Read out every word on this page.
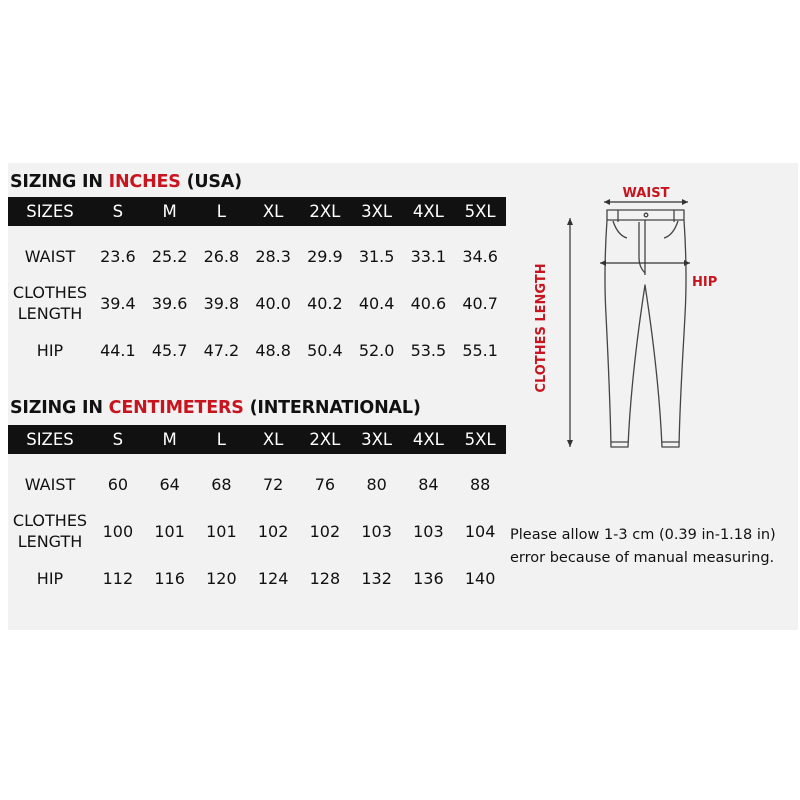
SIZING IN INCHES (USA)
SIZES	S	M	L	XL	2XL	3XL	4XL	5XL
WAIST	23.6	25.2	26.8	28.3	29.9	31.5	33.1	34.6
CLOTHES
LENGTH
39.4	39.6	39.8	40.0	40.2	40.4	40.6	40.7
HIP	44.1	45.7	47.2	48.8	50.4	52.0	53.5	55.1
SIZING IN CENTIMETERS (INTERNATIONAL)
SIZES	S	M	L	XL	2XL	3XL	4XL	5XL
WAIST	60	64	68	72	76	80	84	88
CLOTHES
LENGTH
100	101	101	102	102	103	103	104
HIP	112	116	120	124	128	132	136	140
WAIST
CLOTHES LENGTH	HIP
Please allow 1-3 cm (0.39 in-1.18 in)
error because of manual measuring.
